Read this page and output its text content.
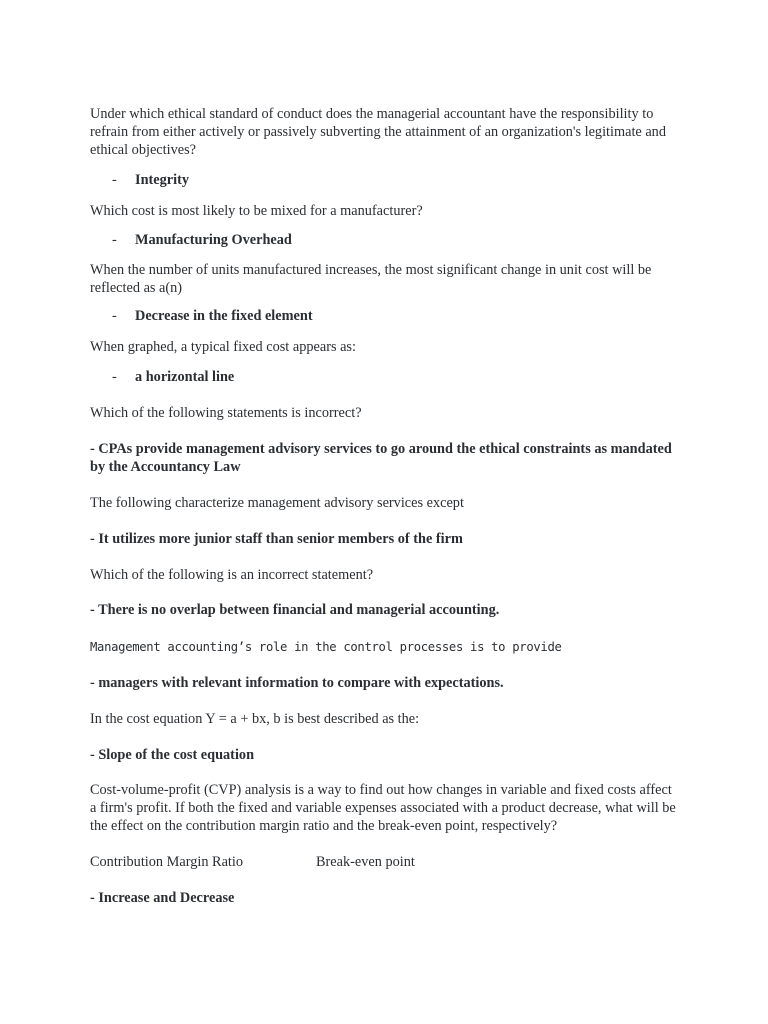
Under which ethical standard of conduct does the managerial accountant have the responsibility to refrain from either actively or passively subverting the attainment of an organization's legitimate and ethical objectives?

- Integrity

Which cost is most likely to be mixed for a manufacturer?

- Manufacturing Overhead

When the number of units manufactured increases, the most significant change in unit cost will be reflected as a(n)

- Decrease in the fixed element

When graphed, a typical fixed cost appears as:

- a horizontal line

Which of the following statements is incorrect?

- CPAs provide management advisory services to go around the ethical constraints as mandated by the Accountancy Law

The following characterize management advisory services except

- It utilizes more junior staff than senior members of the firm

Which of the following is an incorrect statement?

- There is no overlap between financial and managerial accounting.

Management accounting’s role in the control processes is to provide

- managers with relevant information to compare with expectations.

In the cost equation Y = a + bx, b is best described as the:

- Slope of the cost equation

Cost-volume-profit (CVP) analysis is a way to find out how changes in variable and fixed costs affect a firm's profit. If both the fixed and variable expenses associated with a product decrease, what will be the effect on the contribution margin ratio and the break-even point, respectively?

Contribution Margin Ratio	Break-even point

- Increase and Decrease
